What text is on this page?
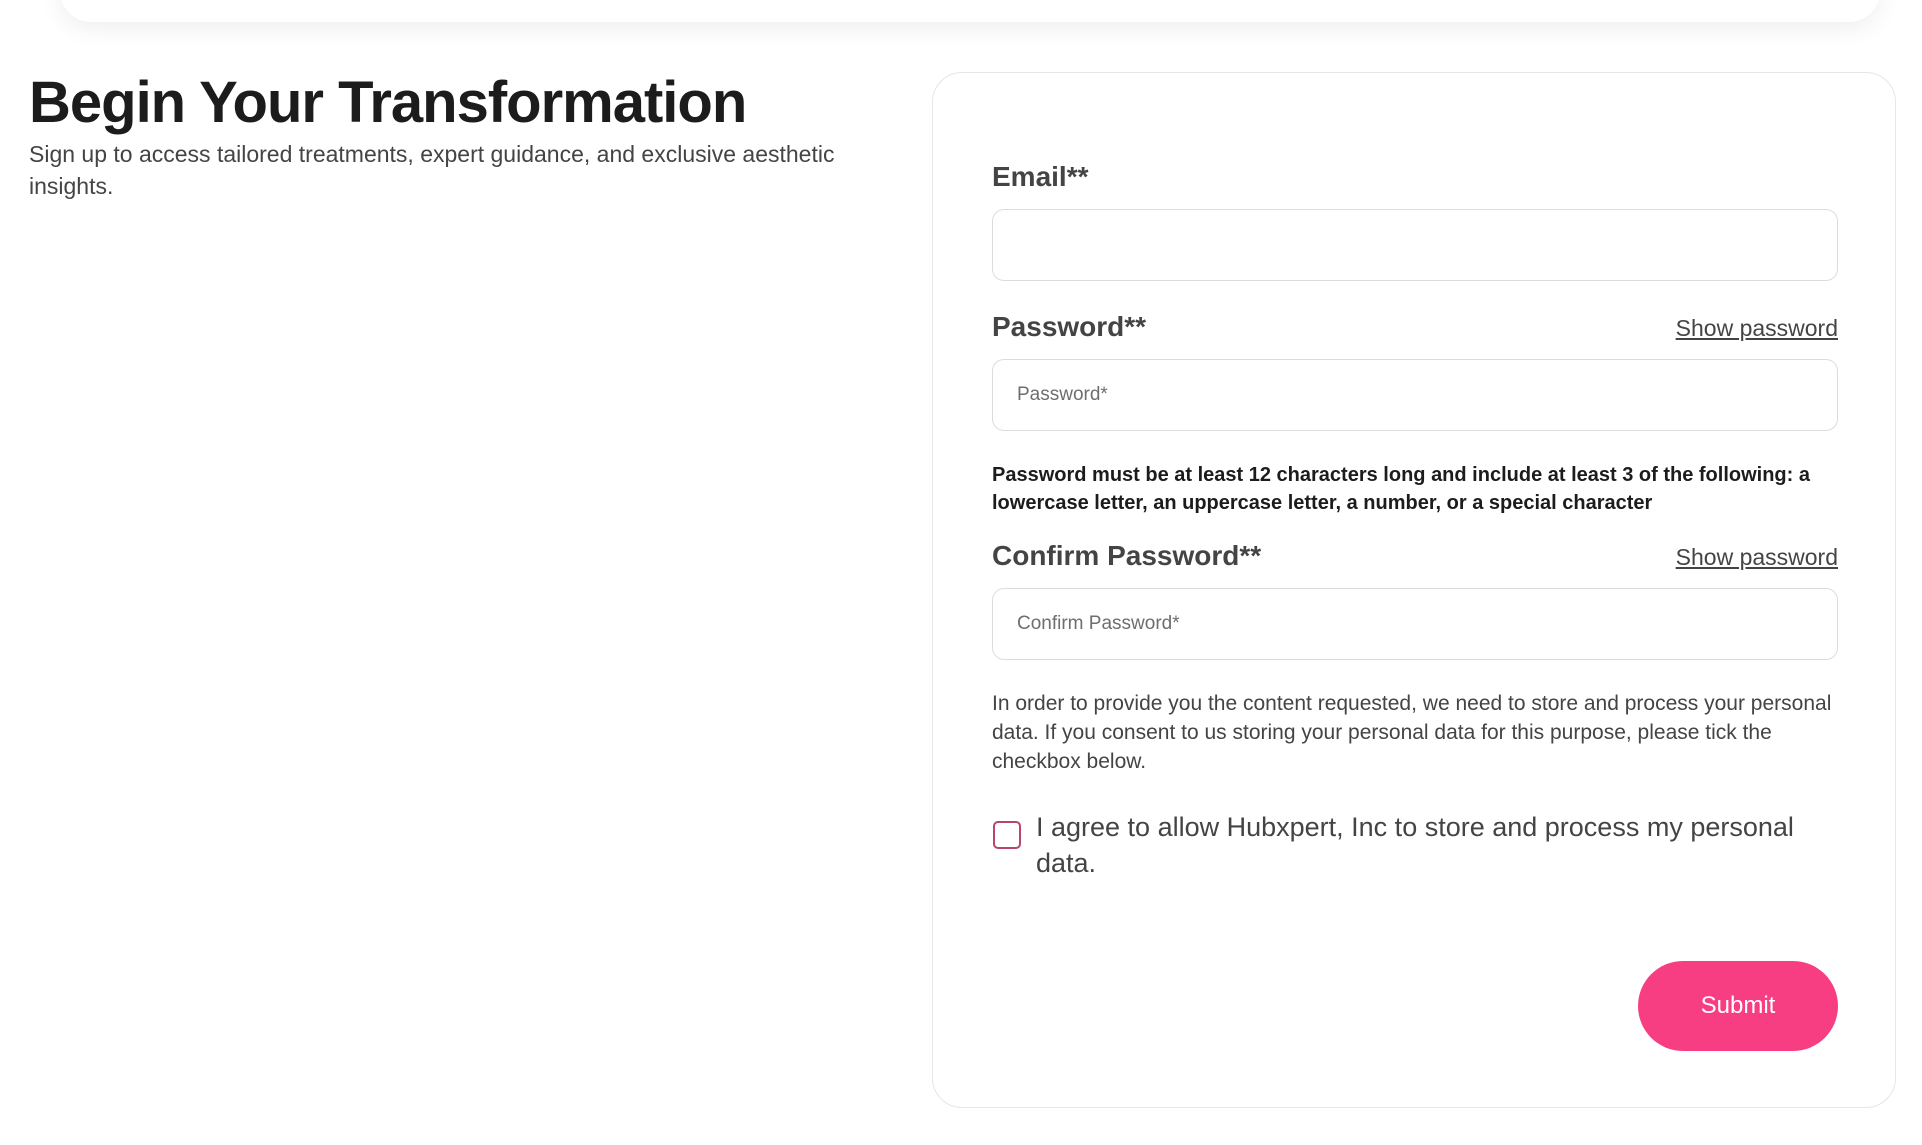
Begin Your Transformation

Sign up to access tailored treatments, expert guidance, and exclusive aesthetic insights.	Email**
Password**	Show password

Password must be at least 12 characters long and include at least 3 of the following: a lowercase letter, an uppercase letter, a number, or a special character

Confirm Password**	Show password

In order to provide you the content requested, we need to store and process your personal data. If you consent to us storing your personal data for this purpose, please tick the checkbox below.

I agree to allow Hubxpert, Inc to store and process my personal data.
Submit
